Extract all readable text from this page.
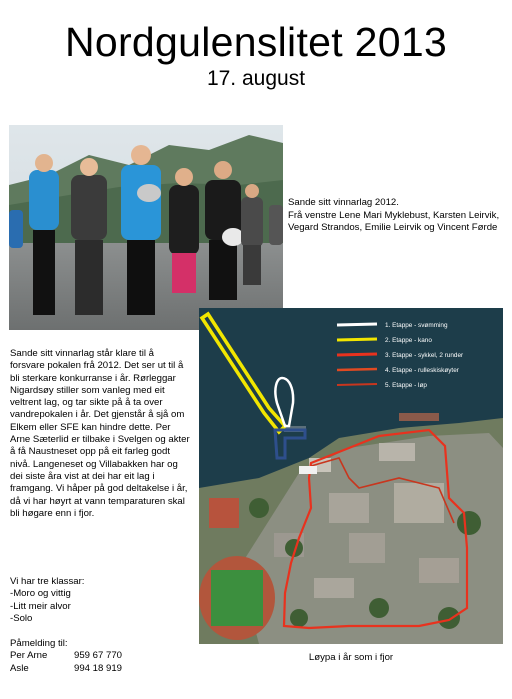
Nordgulenslitet 2013
17. august
Sande sitt vinnarlag 2012.
Frå venstre Lene Mari Myklebust, Karsten Leirvik, Vegard Strandos, Emilie Leirvik og Vincent Førde

Sande sitt vinnarlag står klare til å forsvare pokalen frå 2012. Det ser ut til å bli sterkare konkurranse i år. Rørleggar Nigardsøy stiller som vanleg med eit veltrent lag, og tar sikte på å ta over vandrepokalen i år. Det gjenstår å sjå om Elkem eller SFE kan hindre dette. Per Arne Sæterlid er tilbake i Svelgen og akter å få Naustneset opp på eit farleg godt nivå. Langeneset og Villabakken har og dei siste åra vist at dei har eit lag i framgang. Vi håper på god deltakelse i år, då vi har høyrt at vann temparaturen skal bli høgare enn i fjor.

Vi har tre klassar:
-Moro og vittig
-Litt meir alvor
-Solo
Påmelding til:
Per Arne	959 67 770
Asle	994 18 919
1. Etappe - svømming
2. Etappe - kano
3. Etappe - sykkel, 2 runder
4. Etappe - rulleskiskøyter
5. Etappe - løp
Løypa i år som i fjor
